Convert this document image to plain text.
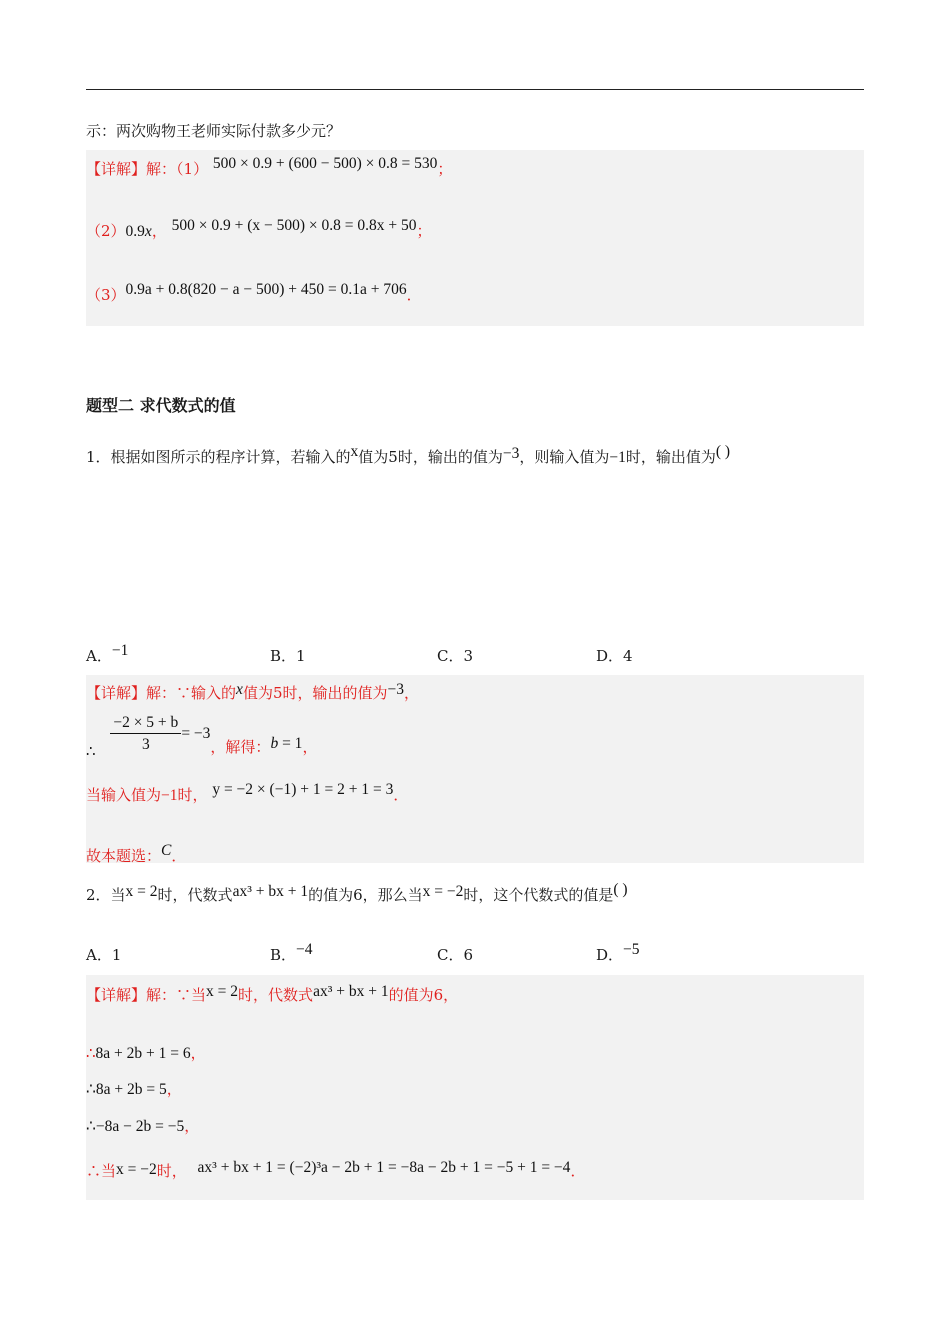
示：两次购物王老师实际付款多少元？
【详解】解：（1） 500 × 0.9 + (600 − 500) × 0.8 = 530；
（2）0.9x， 500 × 0.9 + (x − 500) × 0.8 = 0.8x + 50；
（3）0.9a + 0.8(820 − a − 500) + 450 = 0.1a + 706．
题型二 求代数式的值
1．根据如图所示的程序计算，若输入的x值为5时，输出的值为−3，则输入值为−1时，输出值为( )
A．−1	B．1	C．3	D．4
【详解】解：∵输入的x值为5时，输出的值为−3，
∴ $\frac{-2 \times 5 + b}{3} = -3$，解得：b = 1，
当输入值为−1时， y = −2 × (−1) + 1 = 2 + 1 = 3．
故本题选：C．
2．当x = 2时，代数式ax³ + bx + 1的值为6，那么当x = −2时，这个代数式的值是( )
A．1	B．−4	C．6	D．−5
【详解】解：∵当x = 2时，代数式ax³ + bx + 1的值为6，
∴8a + 2b + 1 = 6，
∴8a + 2b = 5，
∴−8a − 2b = −5，
∴当x = −2时， ax³ + bx + 1 = (−2)³a − 2b + 1 = −8a − 2b + 1 = −5 + 1 = −4．
